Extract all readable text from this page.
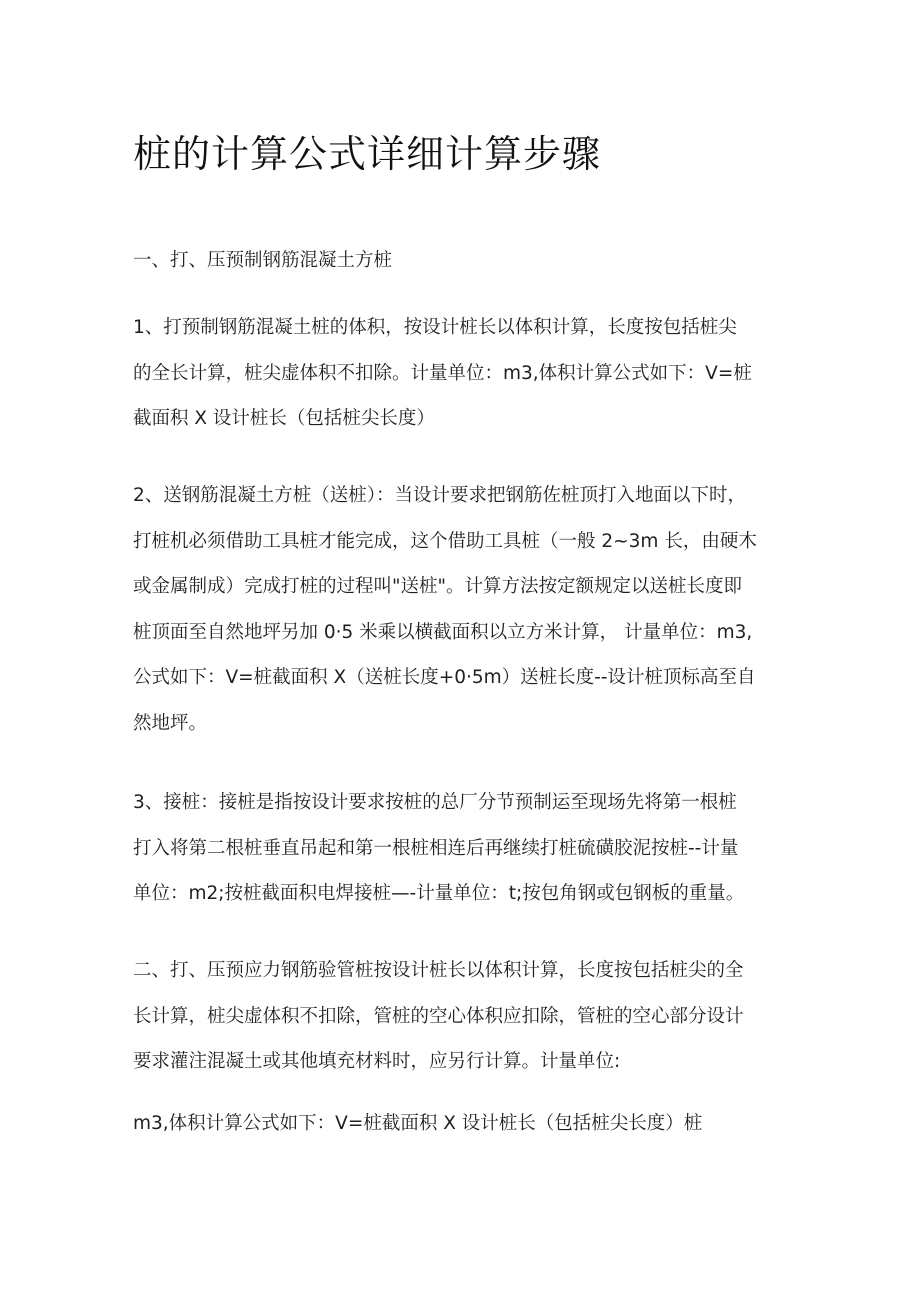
桩的计算公式详细计算步骤

一、打、压预制钢筋混凝土方桩

1、打预制钢筋混凝土桩的体积，按设计桩长以体积计算，长度按包括桩尖
的全长计算，桩尖虚体积不扣除。计量单位：m3,体积计算公式如下：V=桩
截面积 X 设计桩长（包括桩尖长度）

2、送钢筋混凝土方桩（送桩）：当设计要求把钢筋佐桩顶打入地面以下时，
打桩机必须借助工具桩才能完成，这个借助工具桩（一般 2~3m 长，由硬木
或金属制成）完成打桩的过程叫"送桩"。计算方法按定额规定以送桩长度即
桩顶面至自然地坪另加 0·5 米乘以横截面积以立方米计算， 计量单位：m3,
公式如下：V=桩截面积 X（送桩长度+0·5m）送桩长度--设计桩顶标高至自
然地坪。

3、接桩：接桩是指按设计要求按桩的总厂分节预制运至现场先将第一根桩
打入将第二根桩垂直吊起和第一根桩相连后再继续打桩硫磺胶泥按桩--计量
单位：m2;按桩截面积电焊接桩—-计量单位：t;按包角钢或包钢板的重量。

二、打、压预应力钢筋验管桩按设计桩长以体积计算，长度按包括桩尖的全
长计算，桩尖虚体积不扣除，管桩的空心体积应扣除，管桩的空心部分设计
要求灌注混凝土或其他填充材料时，应另行计算。计量单位:

m3,体积计算公式如下：V=桩截面积 X 设计桩长（包括桩尖长度）桩
